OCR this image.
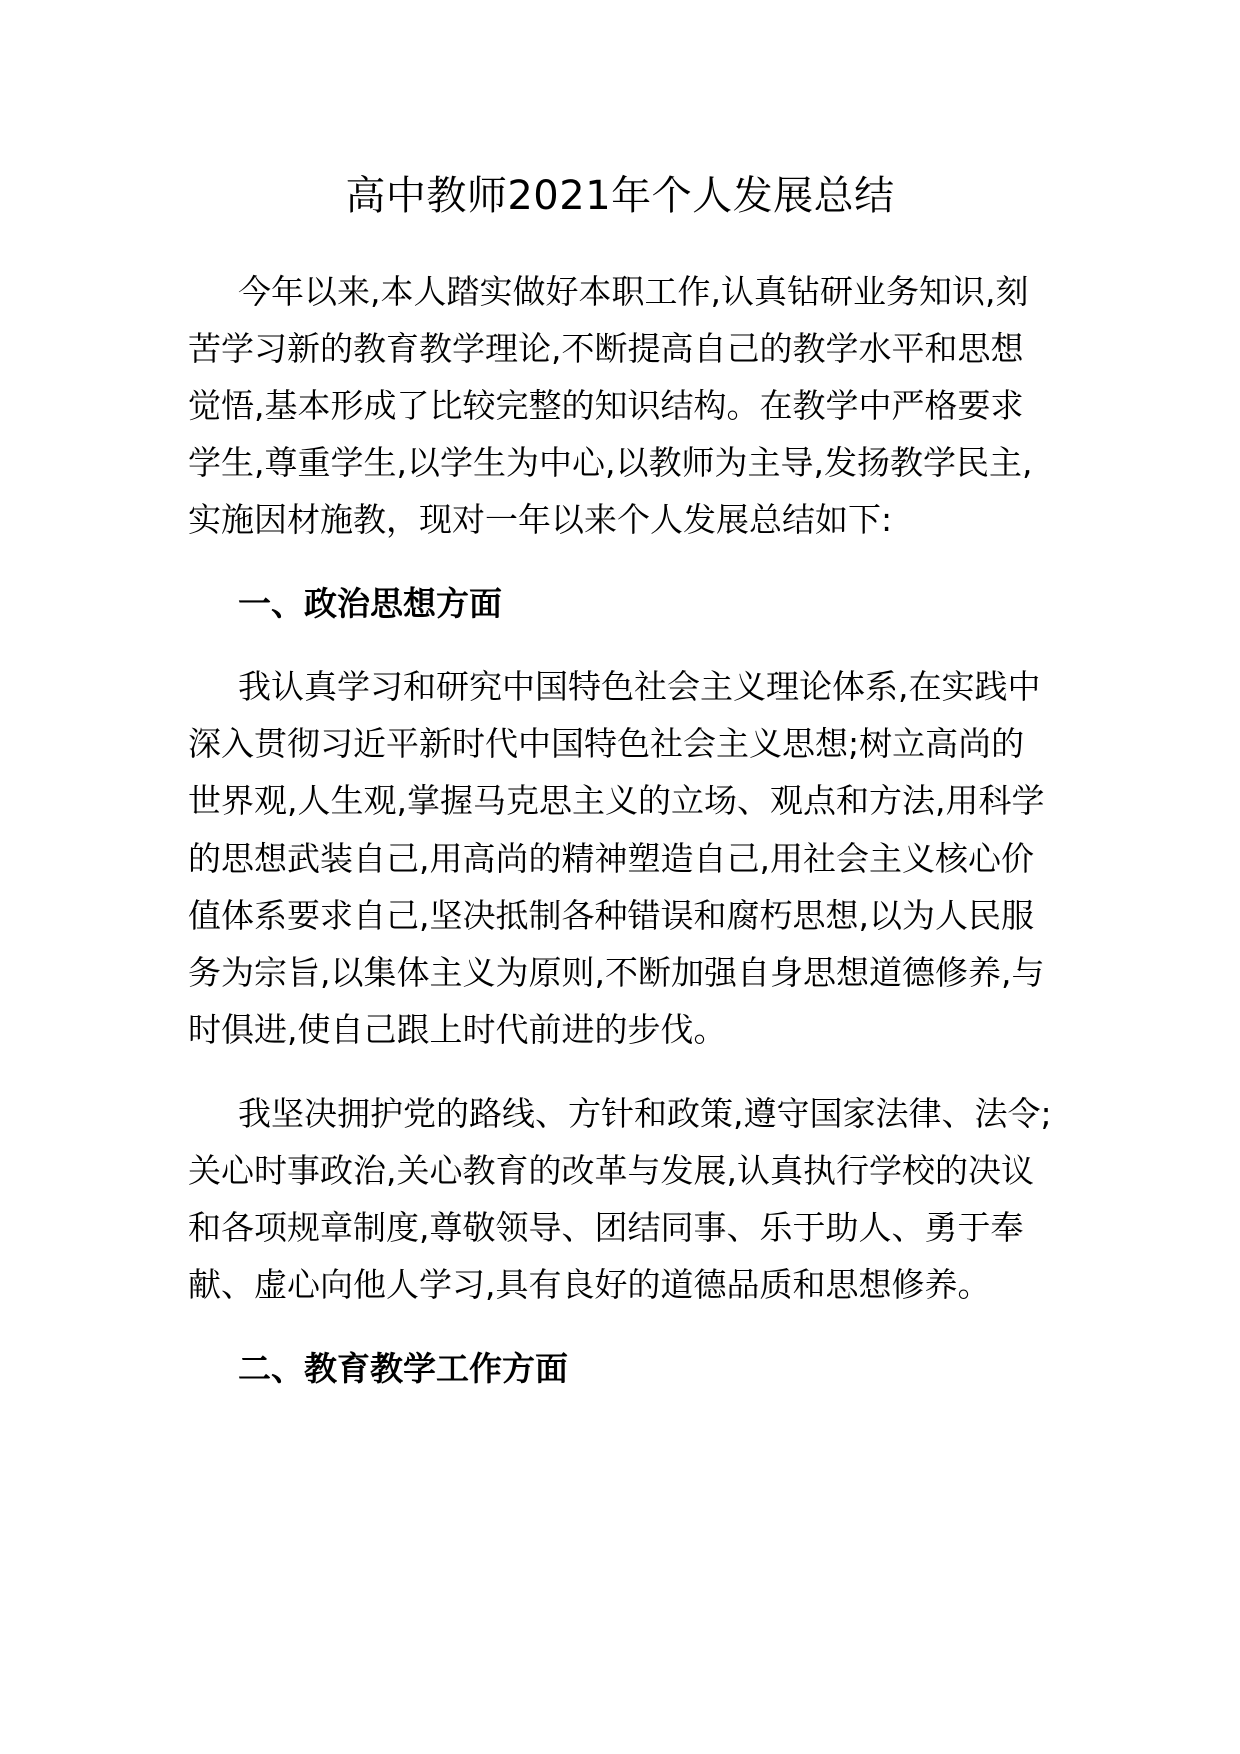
高中教师2021年个人发展总结

今年以来,本人踏实做好本职工作,认真钻研业务知识,刻

苦学习新的教育教学理论,不断提高自己的教学水平和思想

觉悟,基本形成了比较完整的知识结构。在教学中严格要求

学生,尊重学生,以学生为中心,以教师为主导,发扬教学民主,

实施因材施教，现对一年以来个人发展总结如下:

一、政治思想方面

我认真学习和研究中国特色社会主义理论体系,在实践中

深入贯彻习近平新时代中国特色社会主义思想;树立高尚的

世界观,人生观,掌握马克思主义的立场、观点和方法,用科学

的思想武装自己,用高尚的精神塑造自己,用社会主义核心价

值体系要求自己,坚决抵制各种错误和腐朽思想,以为人民服

务为宗旨,以集体主义为原则,不断加强自身思想道德修养,与

时俱进,使自己跟上时代前进的步伐。

我坚决拥护党的路线、方针和政策,遵守国家法律、法令;

关心时事政治,关心教育的改革与发展,认真执行学校的决议

和各项规章制度,尊敬领导、团结同事、乐于助人、勇于奉

献、虚心向他人学习,具有良好的道德品质和思想修养。

二、教育教学工作方面
